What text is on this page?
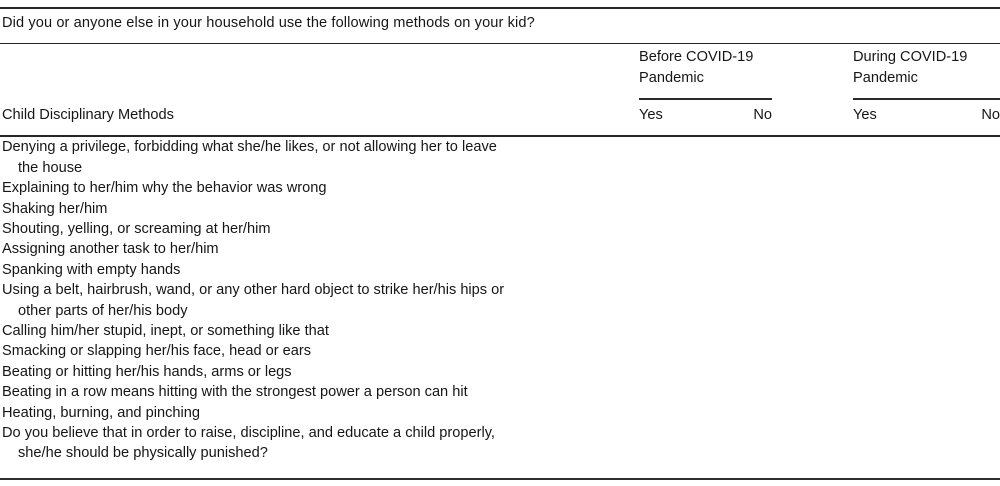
Did you or anyone else in your household use the following methods on your kid?
Child Disciplinary Methods
Before COVID-19 Pandemic
Yes	No
During COVID-19 Pandemic
Yes	No
Denying a privilege, forbidding what she/he likes, or not allowing her to leave
the house
Explaining to her/him why the behavior was wrong
Shaking her/him
Shouting, yelling, or screaming at her/him
Assigning another task to her/him
Spanking with empty hands
Using a belt, hairbrush, wand, or any other hard object to strike her/his hips or
other parts of her/his body
Calling him/her stupid, inept, or something like that
Smacking or slapping her/his face, head or ears
Beating or hitting her/his hands, arms or legs
Beating in a row means hitting with the strongest power a person can hit
Heating, burning, and pinching
Do you believe that in order to raise, discipline, and educate a child properly,
she/he should be physically punished?
